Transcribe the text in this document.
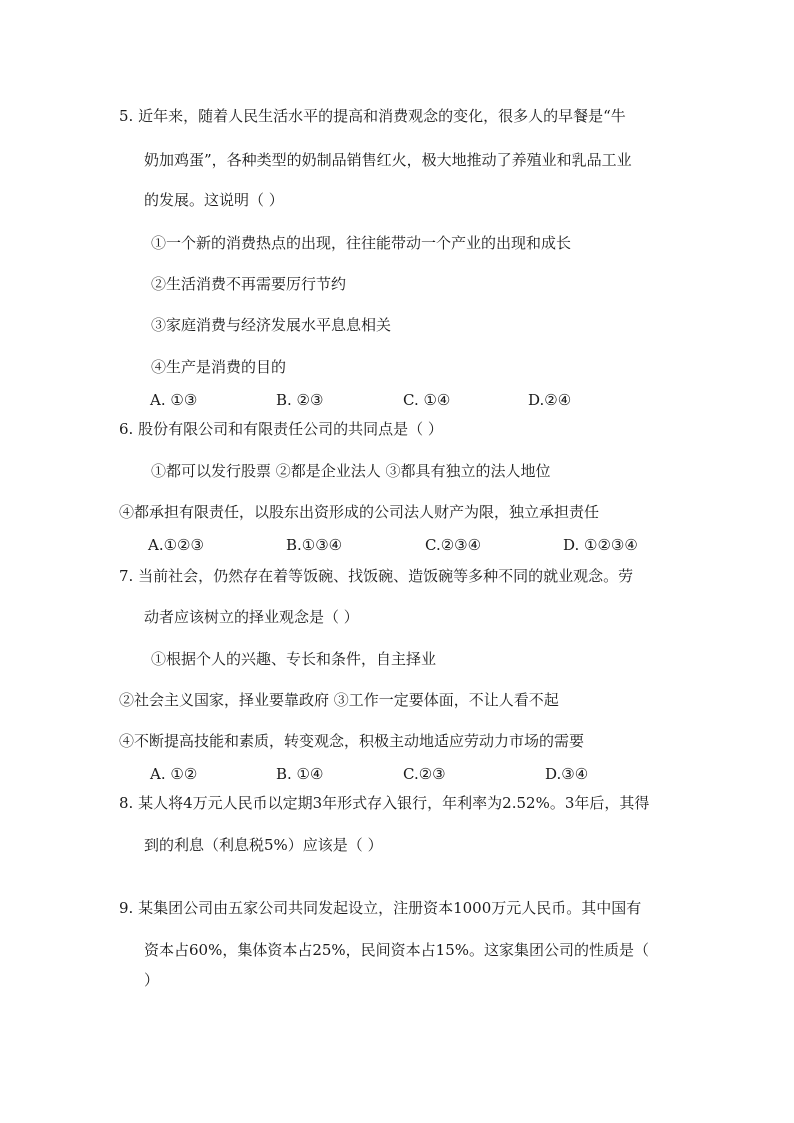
5. 近年来，随着人民生活水平的提高和消费观念的变化，很多人的早餐是“牛
奶加鸡蛋”，各种类型的奶制品销售红火，极大地推动了养殖业和乳品工业
的发展。这说明（ ）
①一个新的消费热点的出现，往往能带动一个产业的出现和成长
②生活消费不再需要厉行节约
③家庭消费与经济发展水平息息相关
④生产是消费的目的
A. ①③	B. ②③	C. ①④	D.②④
6. 股份有限公司和有限责任公司的共同点是（ ）
①都可以发行股票 ②都是企业法人 ③都具有独立的法人地位
④都承担有限责任，以股东出资形成的公司法人财产为限，独立承担责任
A.①②③	B.①③④	C.②③④	D. ①②③④
7. 当前社会，仍然存在着等饭碗、找饭碗、造饭碗等多种不同的就业观念。劳
动者应该树立的择业观念是（ ）
①根据个人的兴趣、专长和条件，自主择业
②社会主义国家，择业要靠政府 ③工作一定要体面，不让人看不起
④不断提高技能和素质，转变观念，积极主动地适应劳动力市场的需要
A. ①②	B. ①④	C.②③	D.③④
8. 某人将4万元人民币以定期3年形式存入银行，年利率为2.52%。3年后，其得
到的利息（利息税5%）应该是（ ）
9. 某集团公司由五家公司共同发起设立，注册资本1000万元人民币。其中国有
资本占60%，集体资本占25%，民间资本占15%。这家集团公司的性质是（
）
